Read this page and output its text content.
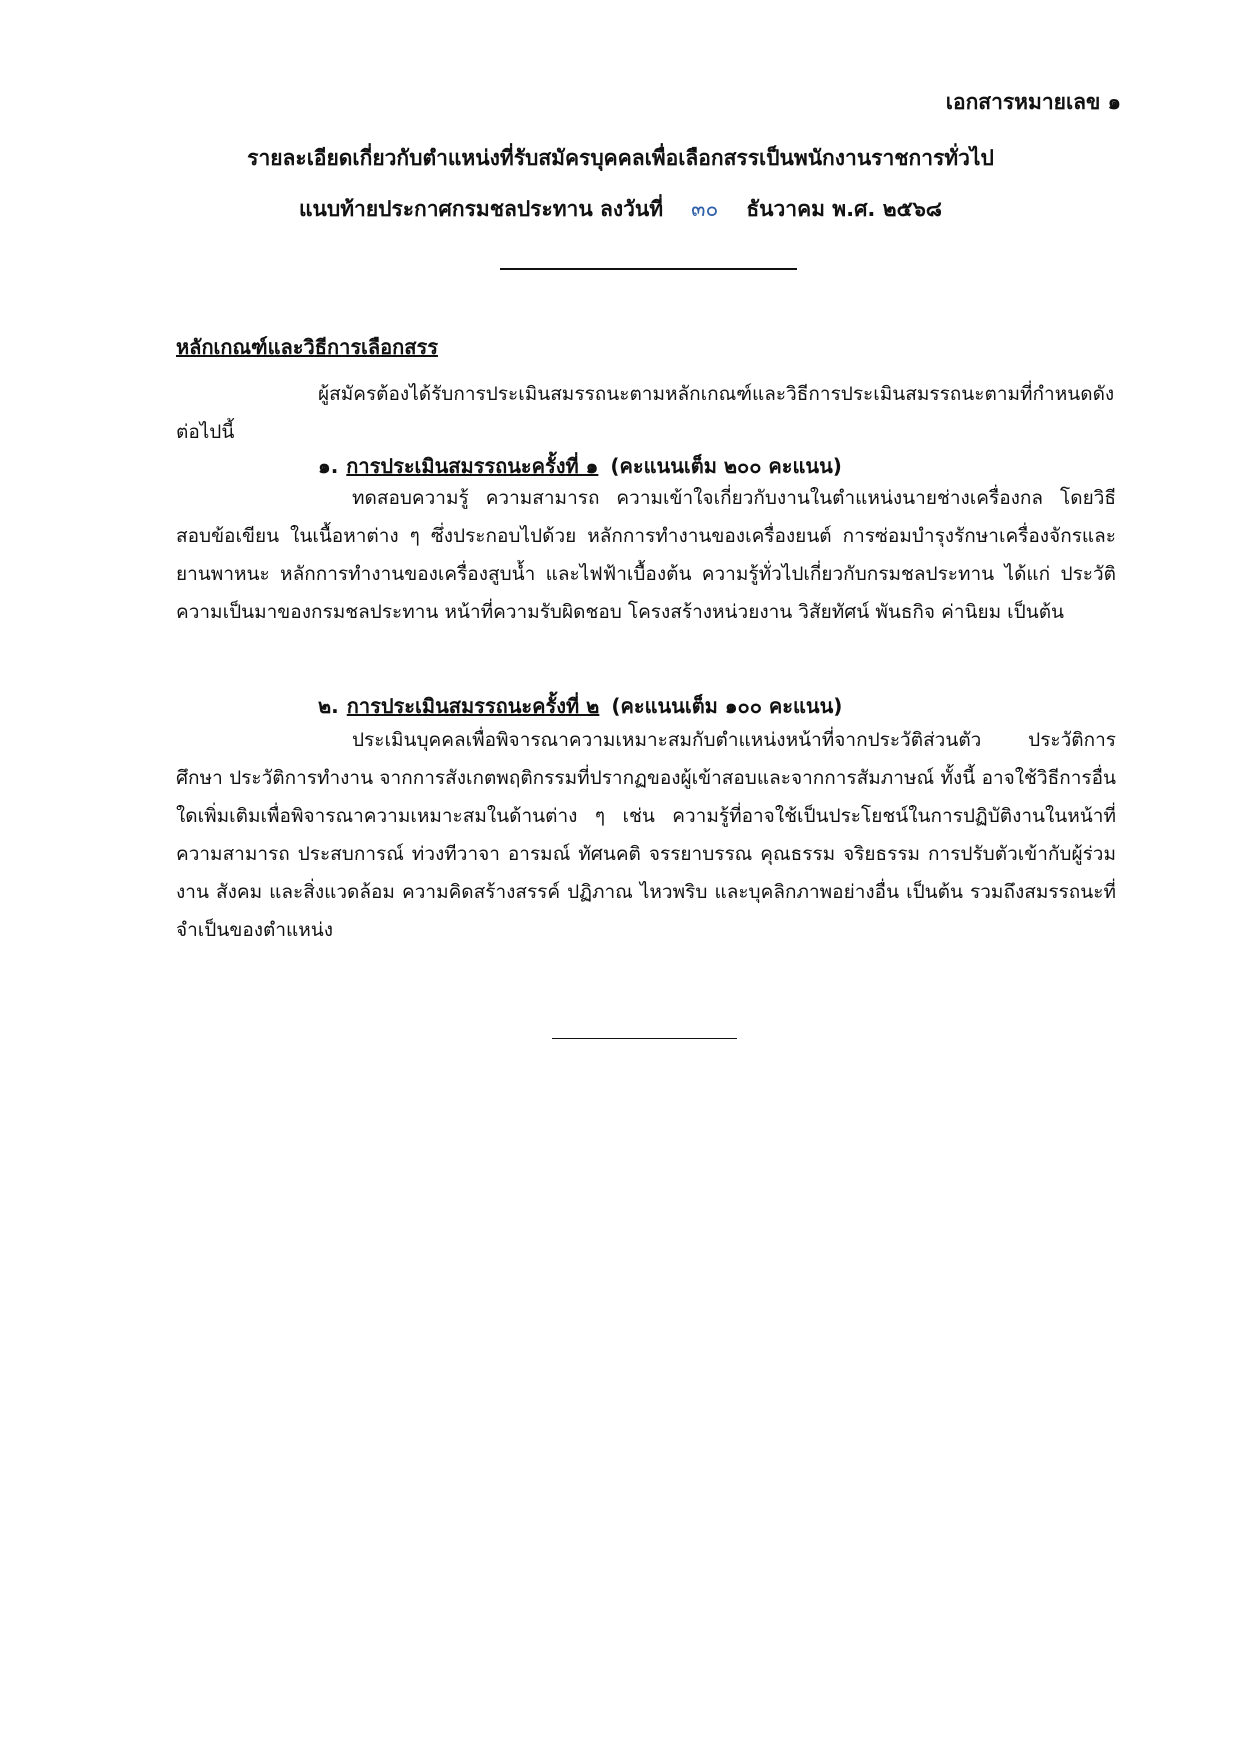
เอกสารหมายเลข ๑
รายละเอียดเกี่ยวกับตำแหน่งที่รับสมัครบุคคลเพื่อเลือกสรรเป็นพนักงานราชการทั่วไป
แนบท้ายประกาศกรมชลประทาน ลงวันที่ ๓๐ ธันวาคม พ.ศ. ๒๕๖๘
หลักเกณฑ์และวิธีการเลือกสรร

ผู้สมัครต้องได้รับการประเมินสมรรถนะตามหลักเกณฑ์และวิธีการประเมินสมรรถนะตามที่กำหนดดังต่อไปนี้

๑. การประเมินสมรรถนะครั้งที่ ๑ (คะแนนเต็ม ๒๐๐ คะแนน)

ทดสอบความรู้ ความสามารถ ความเข้าใจเกี่ยวกับงานในตำแหน่งนายช่างเครื่องกล โดยวิธีสอบข้อเขียน ในเนื้อหาต่าง ๆ ซึ่งประกอบไปด้วย หลักการทำงานของเครื่องยนต์ การซ่อมบำรุงรักษาเครื่องจักรและยานพาหนะ หลักการทำงานของเครื่องสูบน้ำ และไฟฟ้าเบื้องต้น ความรู้ทั่วไปเกี่ยวกับกรมชลประทาน ได้แก่ ประวัติความเป็นมาของกรมชลประทาน หน้าที่ความรับผิดชอบ โครงสร้างหน่วยงาน วิสัยทัศน์ พันธกิจ ค่านิยม เป็นต้น

๒. การประเมินสมรรถนะครั้งที่ ๒ (คะแนนเต็ม ๑๐๐ คะแนน)

ประเมินบุคคลเพื่อพิจารณาความเหมาะสมกับตำแหน่งหน้าที่จากประวัติส่วนตัว ประวัติการศึกษา ประวัติการทำงาน จากการสังเกตพฤติกรรมที่ปรากฏของผู้เข้าสอบและจากการสัมภาษณ์ ทั้งนี้ อาจใช้วิธีการอื่นใดเพิ่มเติมเพื่อพิจารณาความเหมาะสมในด้านต่าง ๆ เช่น ความรู้ที่อาจใช้เป็นประโยชน์ในการปฏิบัติงานในหน้าที่ ความสามารถ ประสบการณ์ ท่วงทีวาจา อารมณ์ ทัศนคติ จรรยาบรรณ คุณธรรม จริยธรรม การปรับตัวเข้ากับผู้ร่วมงาน สังคม และสิ่งแวดล้อม ความคิดสร้างสรรค์ ปฏิภาณ ไหวพริบ และบุคลิกภาพอย่างอื่น เป็นต้น รวมถึงสมรรถนะที่จำเป็นของตำแหน่ง
